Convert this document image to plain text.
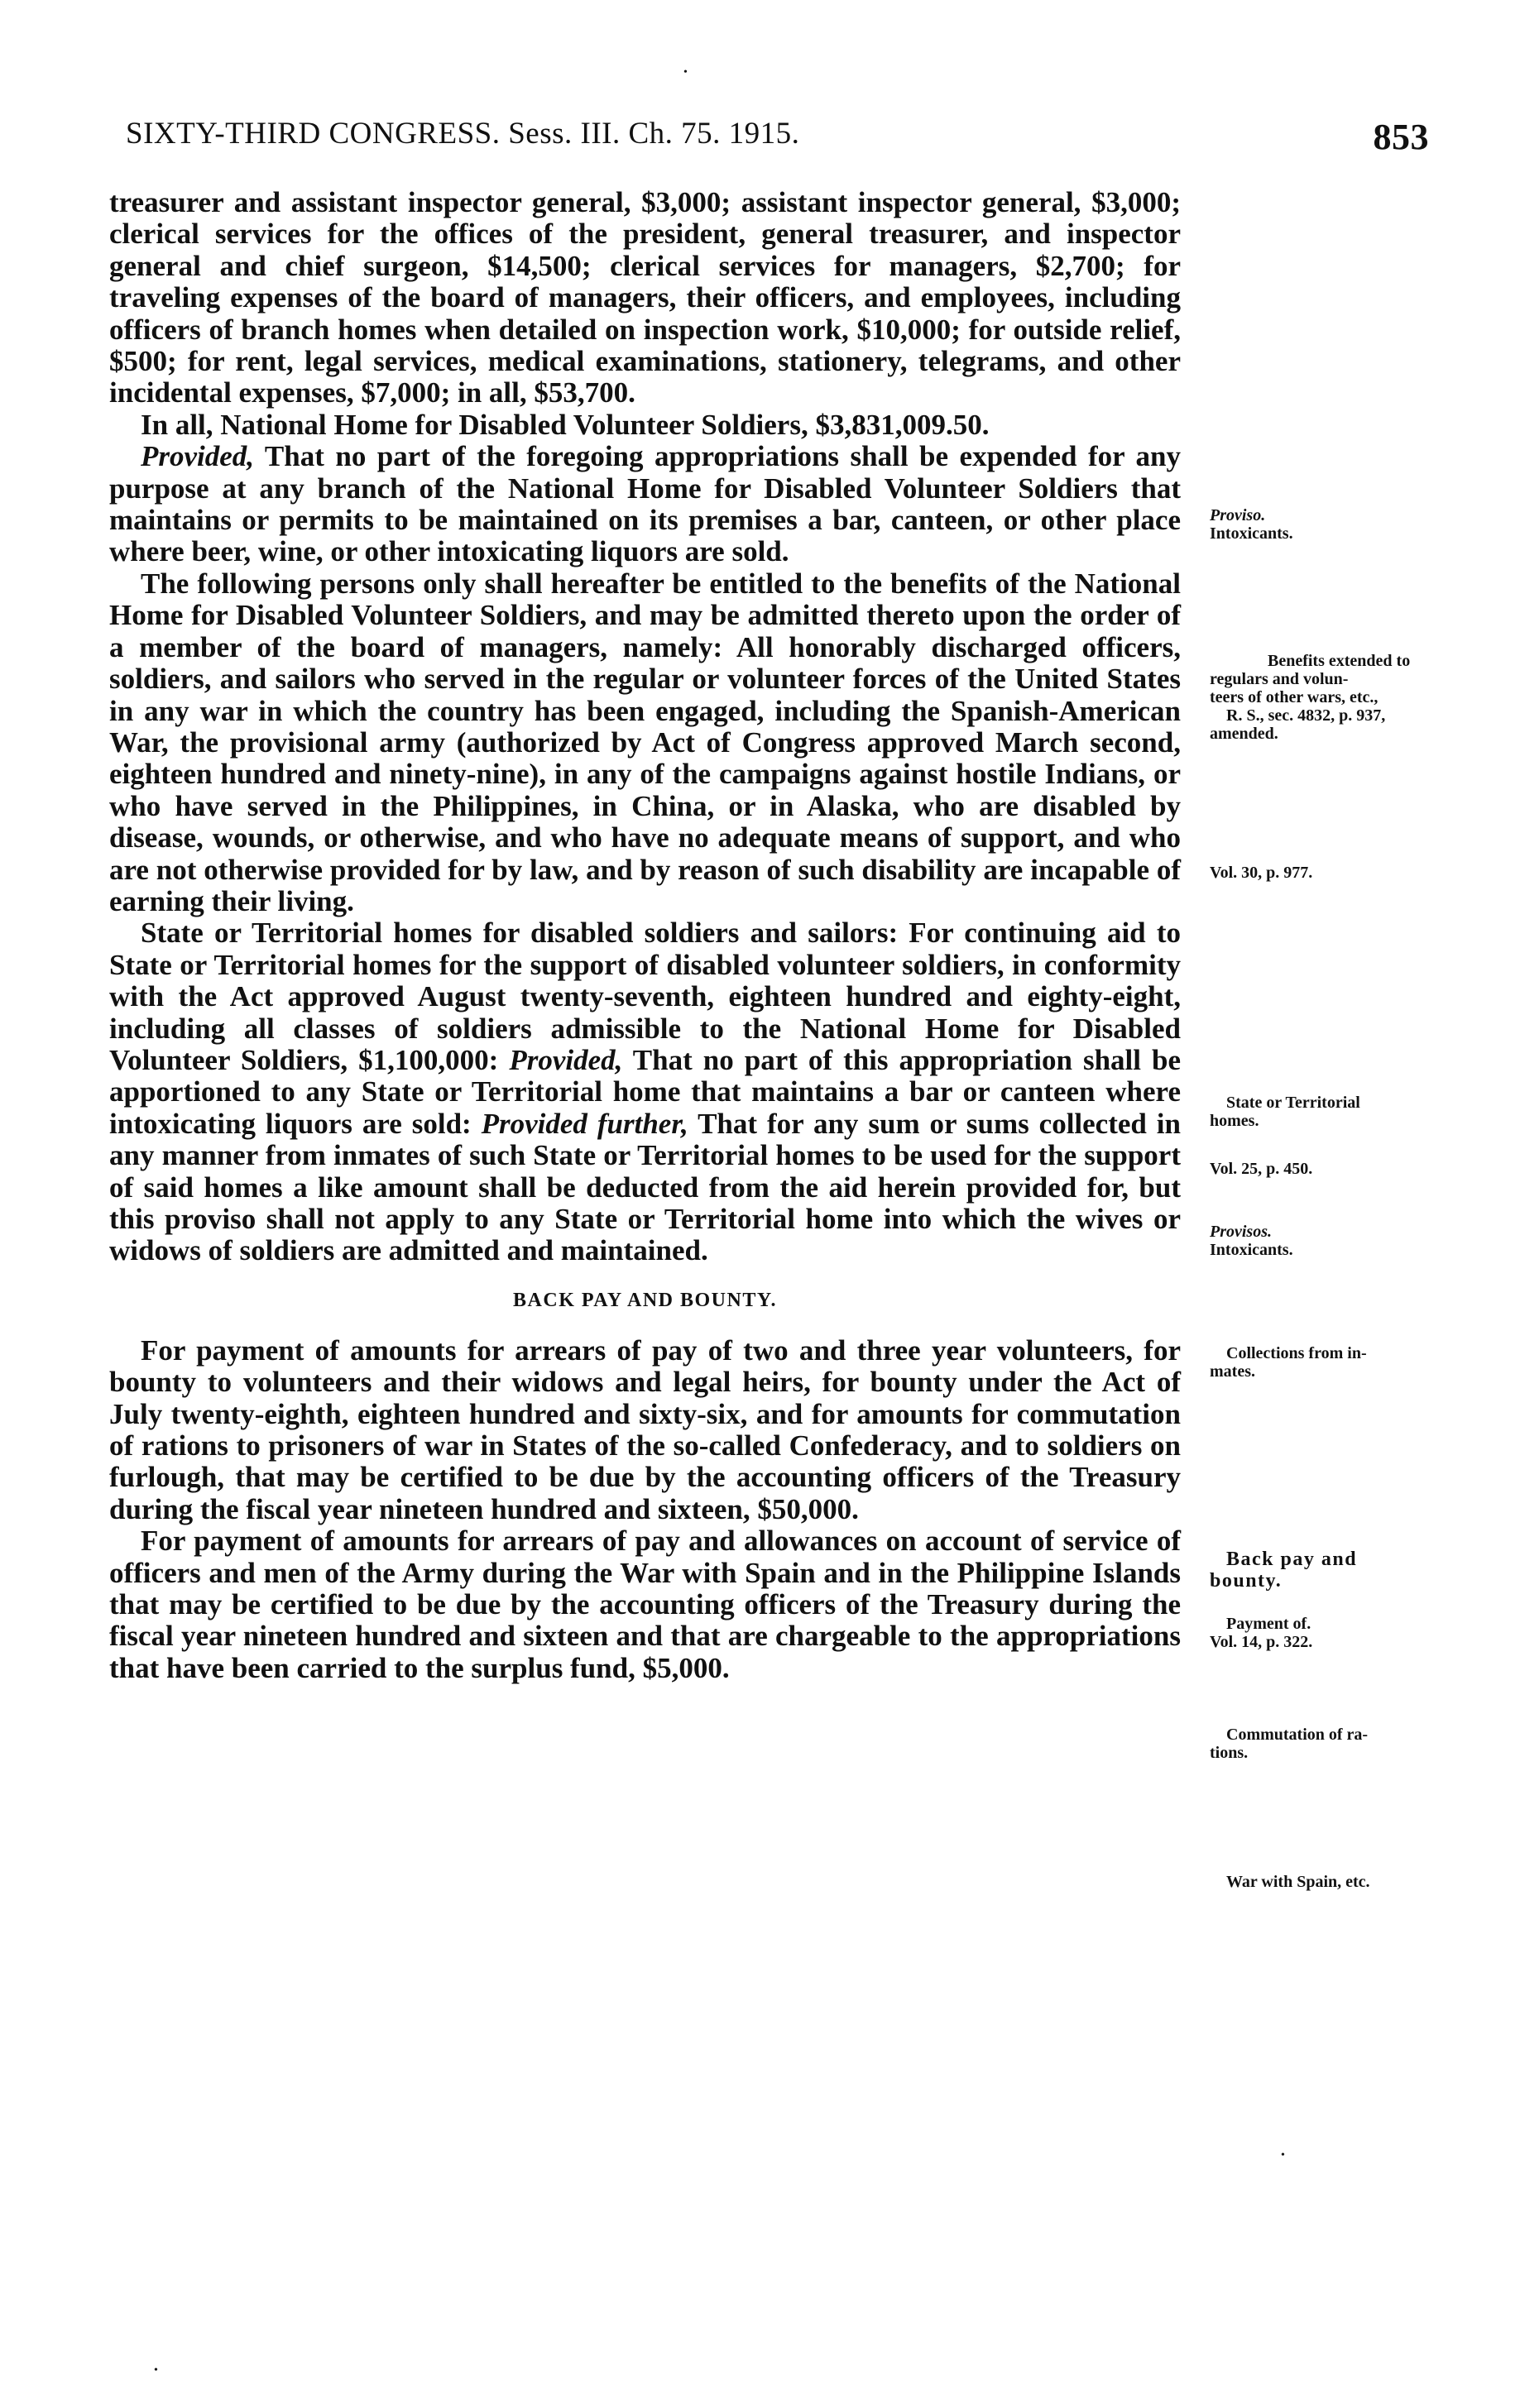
SIXTY-THIRD CONGRESS. Sess. III. Ch. 75. 1915.	853

treasurer and assistant inspector general, $3,000; assistant inspector general, $3,000; clerical services for the offices of the president, general treasurer, and inspector general and chief surgeon, $14,500; clerical services for managers, $2,700; for traveling expenses of the board of managers, their officers, and employees, including officers of branch homes when detailed on inspection work, $10,000; for outside relief, $500; for rent, legal services, medical examinations, stationery, telegrams, and other incidental expenses, $7,000; in all, $53,700.

In all, National Home for Disabled Volunteer Soldiers, $3,831,009.50.

Provided, That no part of the foregoing appropriations shall be expended for any purpose at any branch of the National Home for Disabled Volunteer Soldiers that maintains or permits to be maintained on its premises a bar, canteen, or other place where beer, wine, or other intoxicating liquors are sold.

The following persons only shall hereafter be entitled to the benefits of the National Home for Disabled Volunteer Soldiers, and may be admitted thereto upon the order of a member of the board of managers, namely: All honorably discharged officers, soldiers, and sailors who served in the regular or volunteer forces of the United States in any war in which the country has been engaged, including the Spanish-American War, the provisional army (authorized by Act of Congress approved March second, eighteen hundred and ninety-nine), in any of the campaigns against hostile Indians, or who have served in the Philippines, in China, or in Alaska, who are disabled by disease, wounds, or otherwise, and who have no adequate means of support, and who are not otherwise provided for by law, and by reason of such disability are incapable of earning their living.

State or Territorial homes for disabled soldiers and sailors: For continuing aid to State or Territorial homes for the support of disabled volunteer soldiers, in conformity with the Act approved August twenty-seventh, eighteen hundred and eighty-eight, including all classes of soldiers admissible to the National Home for Disabled Volunteer Soldiers, $1,100,000: Provided, That no part of this appropriation shall be apportioned to any State or Territorial home that maintains a bar or canteen where intoxicating liquors are sold: Provided further, That for any sum or sums collected in any manner from inmates of such State or Territorial homes to be used for the support of said homes a like amount shall be deducted from the aid herein provided for, but this proviso shall not apply to any State or Territorial home into which the wives or widows of soldiers are admitted and maintained.

BACK PAY AND BOUNTY.

For payment of amounts for arrears of pay of two and three year volunteers, for bounty to volunteers and their widows and legal heirs, for bounty under the Act of July twenty-eighth, eighteen hundred and sixty-six, and for amounts for commutation of rations to prisoners of war in States of the so-called Confederacy, and to soldiers on furlough, that may be certified to be due by the accounting officers of the Treasury during the fiscal year nineteen hundred and sixteen, $50,000.

For payment of amounts for arrears of pay and allowances on account of service of officers and men of the Army during the War with Spain and in the Philippine Islands that may be certified to be due by the accounting officers of the Treasury during the fiscal year nineteen hundred and sixteen and that are chargeable to the appropriations that have been carried to the surplus fund, $5,000.

Proviso.
Intoxicants.
Benefits extended to
regulars and volun-
teers of other wars, etc.,
R. S., sec. 4832, p. 937,
amended.
Vol. 30, p. 977.
State or Territorial
homes.
Vol. 25, p. 450.
Provisos.
Intoxicants.
Collections from in-
mates.
Back pay and
bounty.
Payment of.
Vol. 14, p. 322.
Commutation of ra-
tions.
War with Spain, etc.
•
•
•
